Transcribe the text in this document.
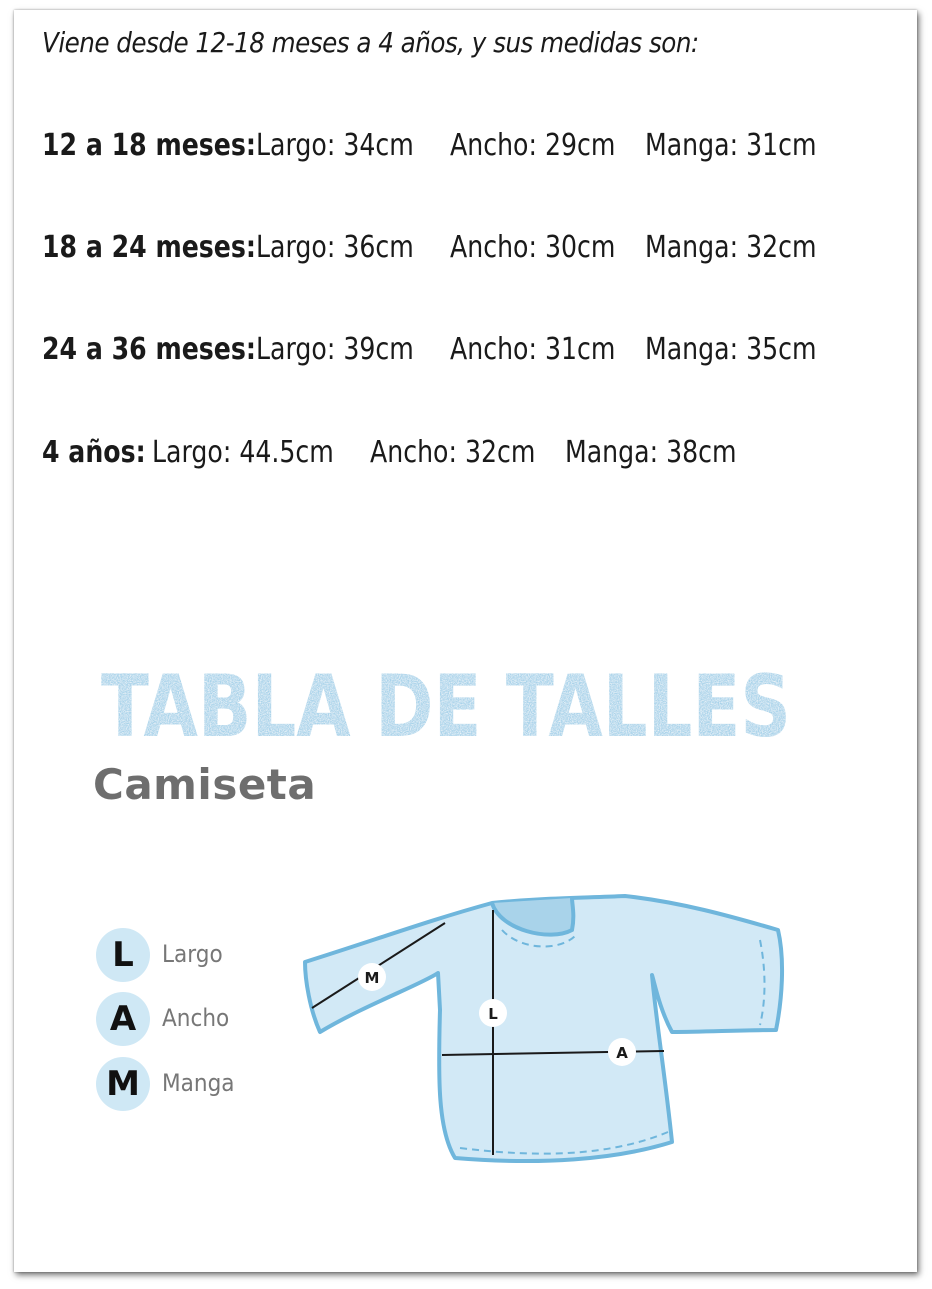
Viene desde 12-18 meses a 4 años, y sus medidas son:
12 a 18 meses: Largo: 34cm Ancho: 29cm Manga: 31cm
18 a 24 meses: Largo: 36cm Ancho: 30cm Manga: 32cm
24 a 36 meses: Largo: 39cm Ancho: 31cm Manga: 35cm
4 años: Largo: 44.5cm Ancho: 32cm Manga: 38cm
TABLA DE TALLES
Camiseta
L	Largo
A	Ancho
M Manga
M
L
A
